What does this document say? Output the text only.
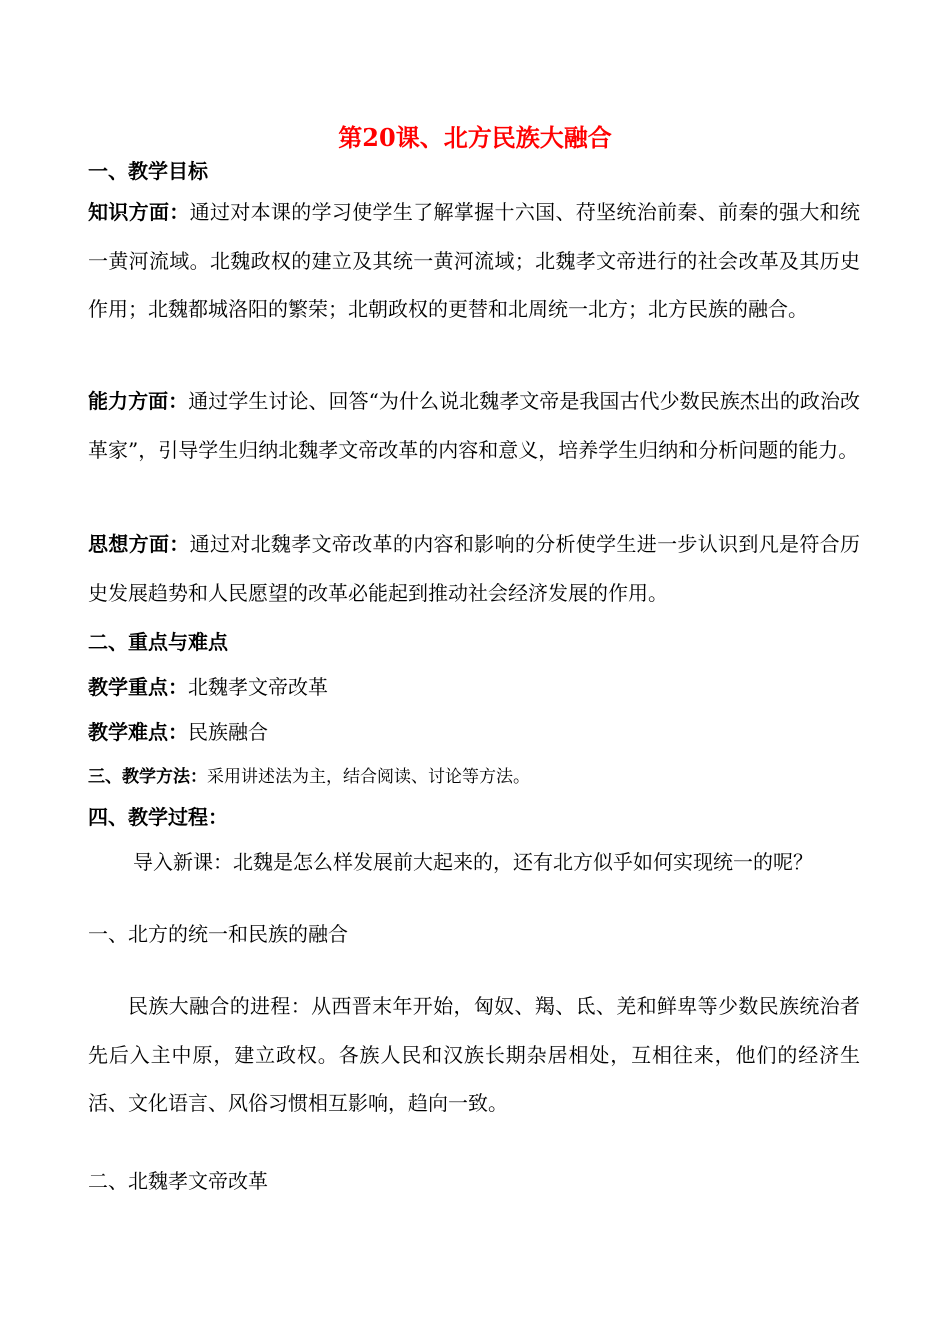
第20课、北方民族大融合
一、教学目标

知识方面：通过对本课的学习使学生了解掌握十六国、苻坚统治前秦、前秦的强大和统一黄河流域。北魏政权的建立及其统一黄河流域；北魏孝文帝进行的社会改革及其历史作用；北魏都城洛阳的繁荣；北朝政权的更替和北周统一北方；北方民族的融合。

能力方面：通过学生讨论、回答“为什么说北魏孝文帝是我国古代少数民族杰出的政治改革家”，引导学生归纳北魏孝文帝改革的内容和意义，培养学生归纳和分析问题的能力。

思想方面：通过对北魏孝文帝改革的内容和影响的分析使学生进一步认识到凡是符合历史发展趋势和人民愿望的改革必能起到推动社会经济发展的作用。

二、重点与难点
教学重点：北魏孝文帝改革
教学难点：民族融合
三、教学方法：采用讲述法为主，结合阅读、讨论等方法。
四、教学过程：
导入新课：北魏是怎么样发展前大起来的，还有北方似乎如何实现统一的呢？
一、北方的统一和民族的融合

民族大融合的进程：从西晋末年开始，匈奴、羯、氐、羌和鲜卑等少数民族统治者先后入主中原，建立政权。各族人民和汉族长期杂居相处，互相往来，他们的经济生活、文化语言、风俗习惯相互影响，趋向一致。

二、北魏孝文帝改革
